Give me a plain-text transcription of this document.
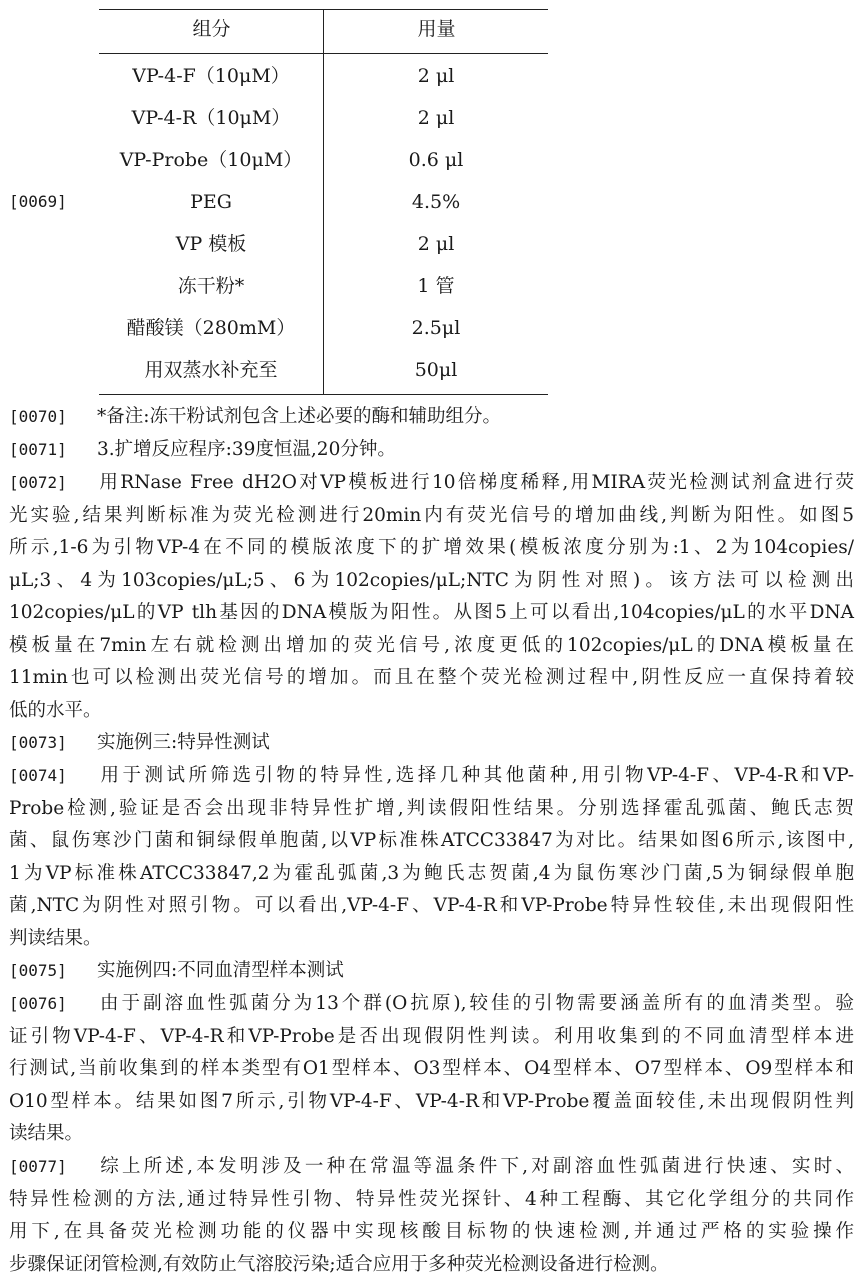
组分	用量
[0069]
VP-4-F（10μM）	2 μl
VP-4-R（10μM）	2 μl
VP-Probe（10μM）	0.6 μl
PEG	4.5%
VP 模板	2 μl
冻干粉*	1 管
醋酸镁（280mM）	2.5μl
用双蒸水补充至	50μl
[0070] *备注:冻干粉试剂包含上述必要的酶和辅助组分。
[0071] 3.扩增反应程序:39度恒温,20分钟。
[0072] 用RNase Free dH2O对VP模板进行10倍梯度稀释,用MIRA荧光检测试剂盒进行荧
光实验,结果判断标准为荧光检测进行20min内有荧光信号的增加曲线,判断为阳性。如图5
所示,1-6为引物VP-4在不同的模版浓度下的扩增效果(模板浓度分别为:1、2为104copies/
μL;3、4为103copies/μL;5、6为102copies/μL;NTC为阴性对照)。该方法可以检测出
102copies/μL的VP tlh基因的DNA模版为阳性。从图5上可以看出,104copies/μL的水平DNA
模板量在7min左右就检测出增加的荧光信号,浓度更低的102copies/μL的DNA模板量在
11min也可以检测出荧光信号的增加。而且在整个荧光检测过程中,阴性反应一直保持着较
低的水平。
[0073] 实施例三:特异性测试
[0074] 用于测试所筛选引物的特异性,选择几种其他菌种,用引物VP-4-F、VP-4-R和VP-
Probe检测,验证是否会出现非特异性扩增,判读假阳性结果。分别选择霍乱弧菌、鲍氏志贺
菌、鼠伤寒沙门菌和铜绿假单胞菌,以VP标准株ATCC33847为对比。结果如图6所示,该图中,
1为VP标准株ATCC33847,2为霍乱弧菌,3为鲍氏志贺菌,4为鼠伤寒沙门菌,5为铜绿假单胞
菌,NTC为阴性对照引物。可以看出,VP-4-F、VP-4-R和VP-Probe特异性较佳,未出现假阳性
判读结果。
[0075] 实施例四:不同血清型样本测试
[0076] 由于副溶血性弧菌分为13个群(O抗原),较佳的引物需要涵盖所有的血清类型。验
证引物VP-4-F、VP-4-R和VP-Probe是否出现假阴性判读。利用收集到的不同血清型样本进
行测试,当前收集到的样本类型有O1型样本、O3型样本、O4型样本、O7型样本、O9型样本和
O10型样本。结果如图7所示,引物VP-4-F、VP-4-R和VP-Probe覆盖面较佳,未出现假阴性判
读结果。
[0077] 综上所述,本发明涉及一种在常温等温条件下,对副溶血性弧菌进行快速、实时、
特异性检测的方法,通过特异性引物、特异性荧光探针、4种工程酶、其它化学组分的共同作
用下,在具备荧光检测功能的仪器中实现核酸目标物的快速检测,并通过严格的实验操作
步骤保证闭管检测,有效防止气溶胶污染;适合应用于多种荧光检测设备进行检测。
